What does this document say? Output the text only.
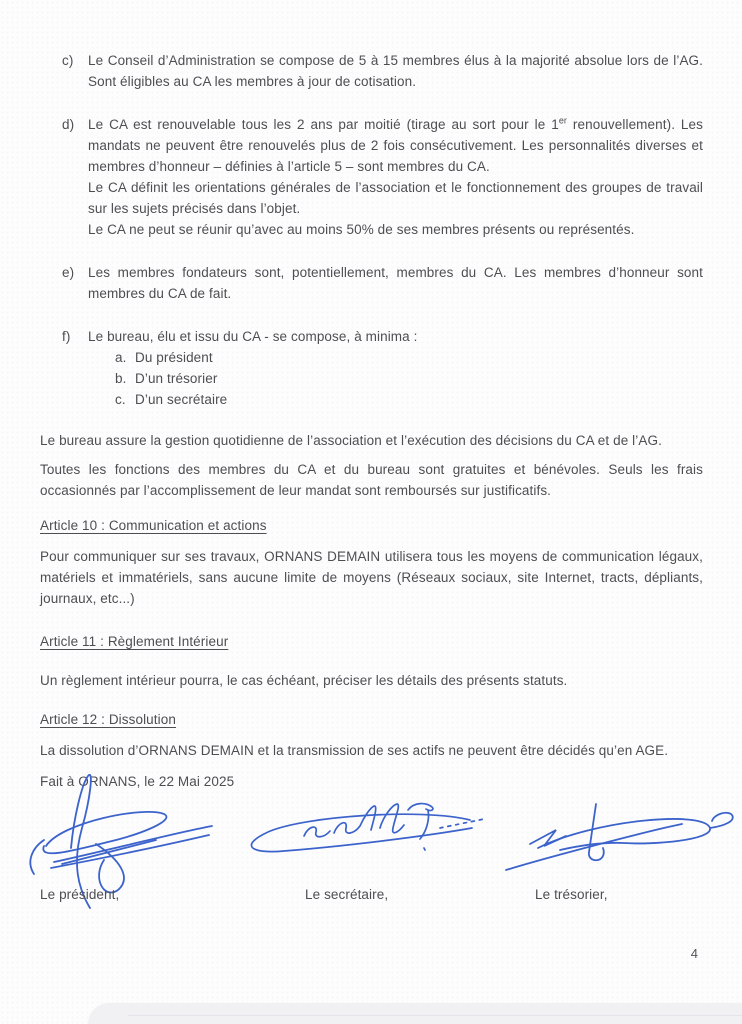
c)	Le Conseil d’Administration se compose de 5 à 15 membres élus à la majorité absolue lors de l’AG. Sont éligibles au CA les membres à jour de cotisation.
d)	Le CA est renouvelable tous les 2 ans par moitié (tirage au sort pour le 1er renouvellement). Les mandats ne peuvent être renouvelés plus de 2 fois consécutivement. Les personnalités diverses et membres d’honneur – définies à l’article 5 – sont membres du CA.

Le CA définit les orientations générales de l’association et le fonctionnement des groupes de travail sur les sujets précisés dans l’objet.

Le CA ne peut se réunir qu’avec au moins 50% de ses membres présents ou représentés.

e)	Les membres fondateurs sont, potentiellement, membres du CA. Les membres d’honneur sont membres du CA de fait.
f)	Le bureau, élu et issu du CA - se compose, à minima :

a. Du président
b. D’un trésorier
c. D’un secrétaire

Le bureau assure la gestion quotidienne de l’association et l’exécution des décisions du CA et de l’AG.

Toutes les fonctions des membres du CA et du bureau sont gratuites et bénévoles. Seuls les frais occasionnés par l’accomplissement de leur mandat sont remboursés sur justificatifs.

Article 10 : Communication et actions

Pour communiquer sur ses travaux, ORNANS DEMAIN utilisera tous les moyens de communication légaux, matériels et immatériels, sans aucune limite de moyens (Réseaux sociaux, site Internet, tracts, dépliants, journaux, etc...)

Article 11 : Règlement Intérieur

Un règlement intérieur pourra, le cas échéant, préciser les détails des présents statuts.

Article 12 : Dissolution

La dissolution d’ORNANS DEMAIN et la transmission de ses actifs ne peuvent être décidés qu’en AGE.

Fait à ORNANS, le 22 Mai 2025

Le président,	Le secrétaire,	Le trésorier,
4
